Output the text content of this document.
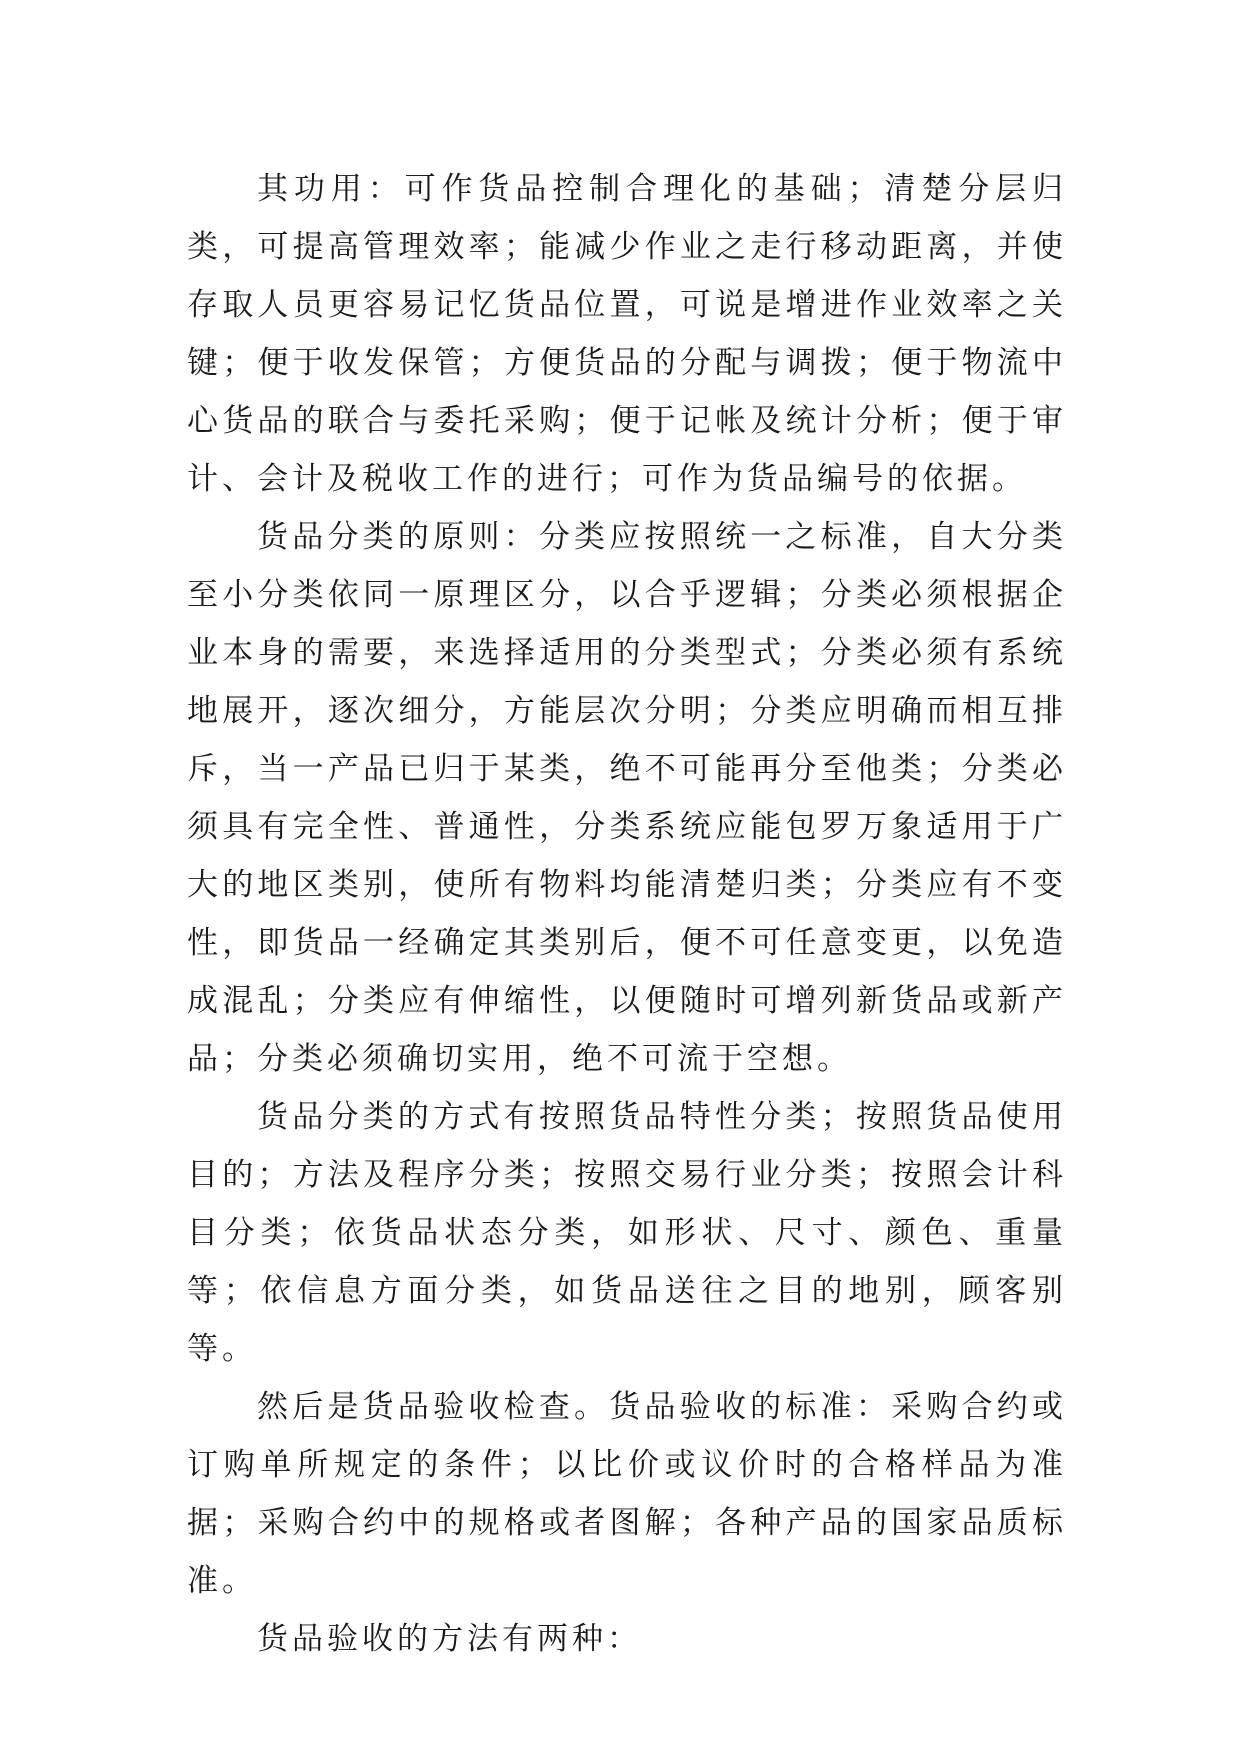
其功用：可作货品控制合理化的基础；清楚分层归类，可提高管理效率；能减少作业之走行移动距离，并使存取人员更容易记忆货品位置，可说是增进作业效率之关键；便于收发保管；方便货品的分配与调拨；便于物流中心货品的联合与委托采购；便于记帐及统计分析；便于审计、会计及税收工作的进行；可作为货品编号的依据。

货品分类的原则：分类应按照统一之标准，自大分类至小分类依同一原理区分，以合乎逻辑；分类必须根据企业本身的需要，来选择适用的分类型式；分类必须有系统地展开，逐次细分，方能层次分明；分类应明确而相互排斥，当一产品已归于某类，绝不可能再分至他类；分类必须具有完全性、普通性，分类系统应能包罗万象适用于广大的地区类别，使所有物料均能清楚归类；分类应有不变性，即货品一经确定其类别后，便不可任意变更，以免造成混乱；分类应有伸缩性，以便随时可增列新货品或新产品；分类必须确切实用，绝不可流于空想。

货品分类的方式有按照货品特性分类；按照货品使用目的；方法及程序分类；按照交易行业分类；按照会计科目分类；依货品状态分类，如形状、尺寸、颜色、重量等；依信息方面分类，如货品送往之目的地别，顾客别等。

然后是货品验收检查。货品验收的标准：采购合约或订购单所规定的条件；以比价或议价时的合格样品为准据；采购合约中的规格或者图解；各种产品的国家品质标准。

货品验收的方法有两种：
